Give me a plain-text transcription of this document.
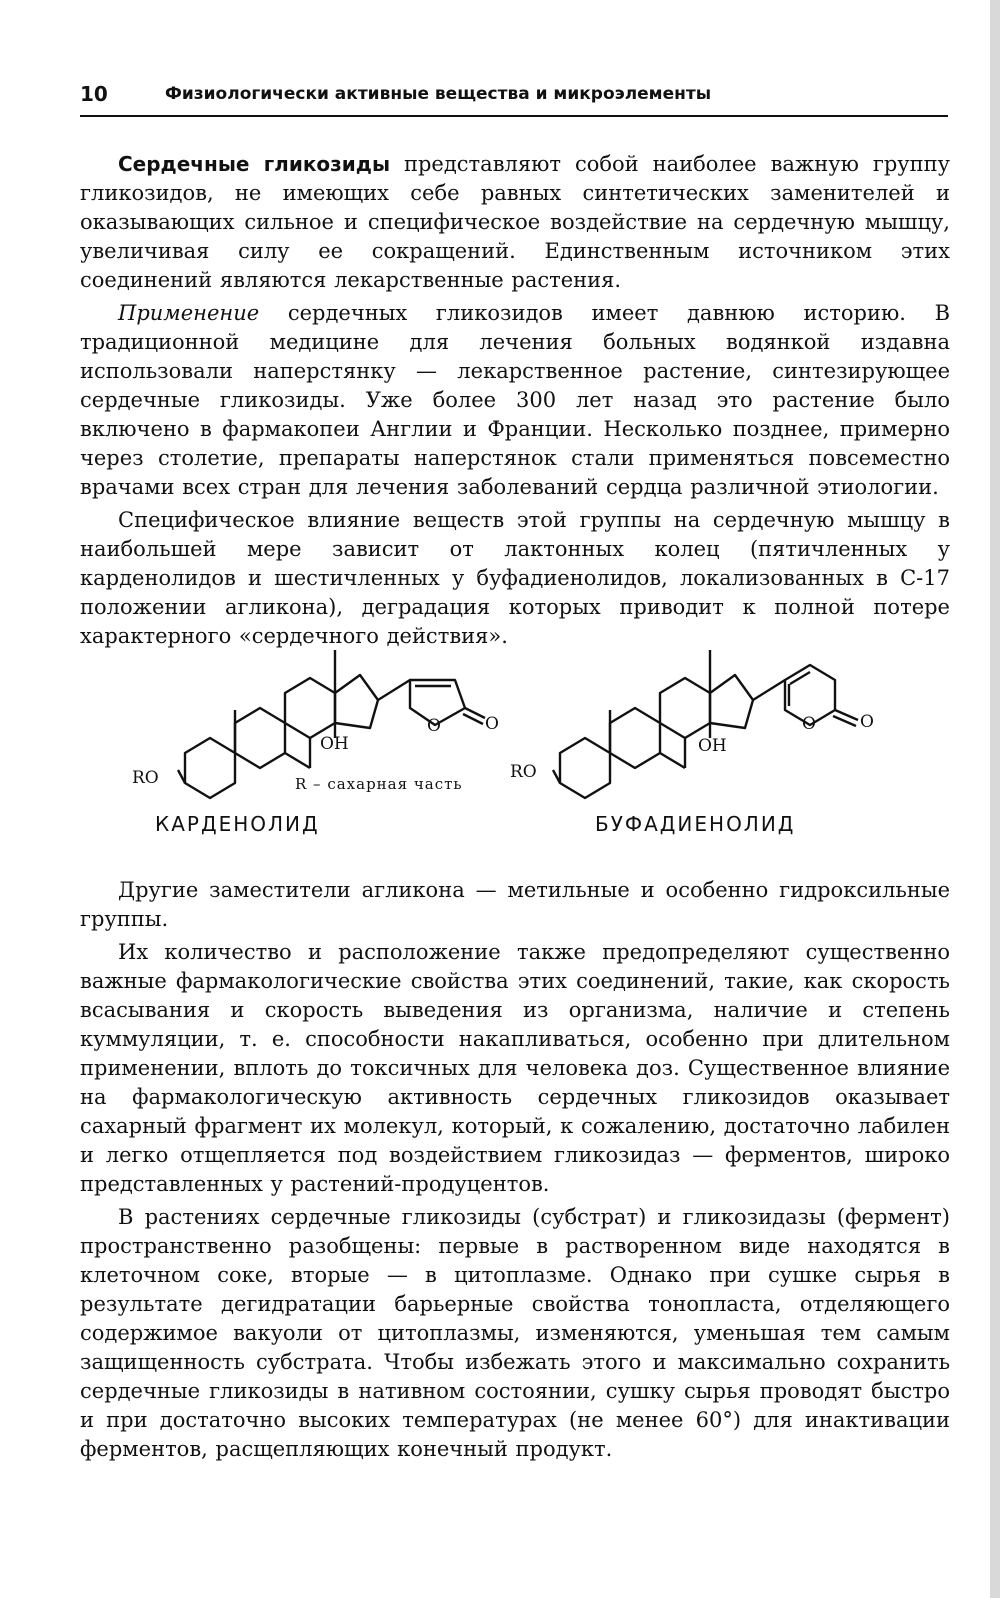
10	Физиологически активные вещества и микроэлементы

Сердечные гликозиды представляют собой наиболее важную группу гликозидов, не имеющих себе равных синтетических заменителей и оказывающих сильное и специфическое воздействие на сердечную мышцу, увеличивая силу ее сокращений. Единственным источником этих соединений являются лекарственные растения.

Применение сердечных гликозидов имеет давнюю историю. В традиционной медицине для лечения больных водянкой издавна использовали наперстянку — лекарственное растение, синтезирующее сердечные гликозиды. Уже более 300 лет назад это растение было включено в фармакопеи Англии и Франции. Несколько позднее, примерно через столетие, препараты наперстянок стали применяться повсеместно врачами всех стран для лечения заболеваний сердца различной этиологии.

Специфическое влияние веществ этой группы на сердечную мышцу в наибольшей мере зависит от лактонных колец (пятичленных у карденолидов и шестичленных у буфадиенолидов, локализованных в С-17 положении агликона), деградация которых приводит к полной потере характерного «сердечного действия».

OH
RO
O	O
R – сахарная часть
КАРДЕНОЛИД
OH
RO
O	O
БУФАДИЕНОЛИД

Другие заместители агликона — метильные и особенно гидроксильные группы.

Их количество и расположение также предопределяют существенно важные фармакологические свойства этих соединений, такие, как скорость всасывания и скорость выведения из организма, наличие и степень куммуляции, т. е. способности накапливаться, особенно при длительном применении, вплоть до токсичных для человека доз. Существенное влияние на фармакологическую активность сердечных гликозидов оказывает сахарный фрагмент их молекул, который, к сожалению, достаточно лабилен и легко отщепляется под воздействием гликозидаз — ферментов, широко представленных у растений-продуцентов.

В растениях сердечные гликозиды (субстрат) и гликозидазы (фермент) пространственно разобщены: первые в растворенном виде находятся в клеточном соке, вторые — в цитоплазме. Однако при сушке сырья в результате дегидратации барьерные свойства тонопласта, отделяющего содержимое вакуоли от цитоплазмы, изменяются, уменьшая тем самым защищенность субстрата. Чтобы избежать этого и максимально сохранить сердечные гликозиды в нативном состоянии, сушку сырья проводят быстро и при достаточно высоких температурах (не менее 60°) для инактивации ферментов, расщепляющих конечный продукт.
